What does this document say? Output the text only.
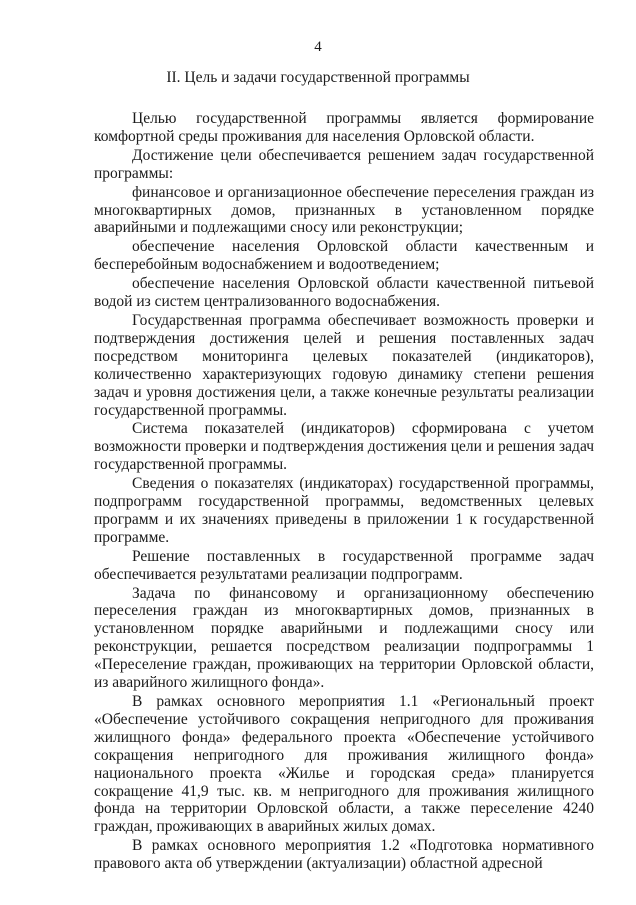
4
II. Цель и задачи государственной программы

Целью государственной программы является формирование комфортной среды проживания для населения Орловской области.

Достижение цели обеспечивается решением задач государственной программы:

финансовое и организационное обеспечение переселения граждан из многоквартирных домов, признанных в установленном порядке аварийными и подлежащими сносу или реконструкции;

обеспечение населения Орловской области качественным и бесперебойным водоснабжением и водоотведением;

обеспечение населения Орловской области качественной питьевой водой из систем централизованного водоснабжения.

Государственная программа обеспечивает возможность проверки и подтверждения достижения целей и решения поставленных задач посредством мониторинга целевых показателей (индикаторов), количественно характеризующих годовую динамику степени решения задач и уровня достижения цели, а также конечные результаты реализации государственной программы.

Система показателей (индикаторов) сформирована с учетом возможности проверки и подтверждения достижения цели и решения задач государственной программы.

Сведения о показателях (индикаторах) государственной программы, подпрограмм государственной программы, ведомственных целевых программ и их значениях приведены в приложении 1 к государственной программе.

Решение поставленных в государственной программе задач обеспечивается результатами реализации подпрограмм.

Задача по финансовому и организационному обеспечению переселения граждан из многоквартирных домов, признанных в установленном порядке аварийными и подлежащими сносу или реконструкции, решается посредством реализации подпрограммы 1 «Переселение граждан, проживающих на территории Орловской области, из аварийного жилищного фонда».

В рамках основного мероприятия 1.1 «Региональный проект «Обеспечение устойчивого сокращения непригодного для проживания жилищного фонда» федерального проекта «Обеспечение устойчивого сокращения непригодного для проживания жилищного фонда» национального проекта «Жилье и городская среда» планируется сокращение 41,9 тыс. кв. м непригодного для проживания жилищного фонда на территории Орловской области, а также переселение 4240 граждан, проживающих в аварийных жилых домах.

В рамках основного мероприятия 1.2 «Подготовка нормативного правового акта об утверждении (актуализации) областной адресной
